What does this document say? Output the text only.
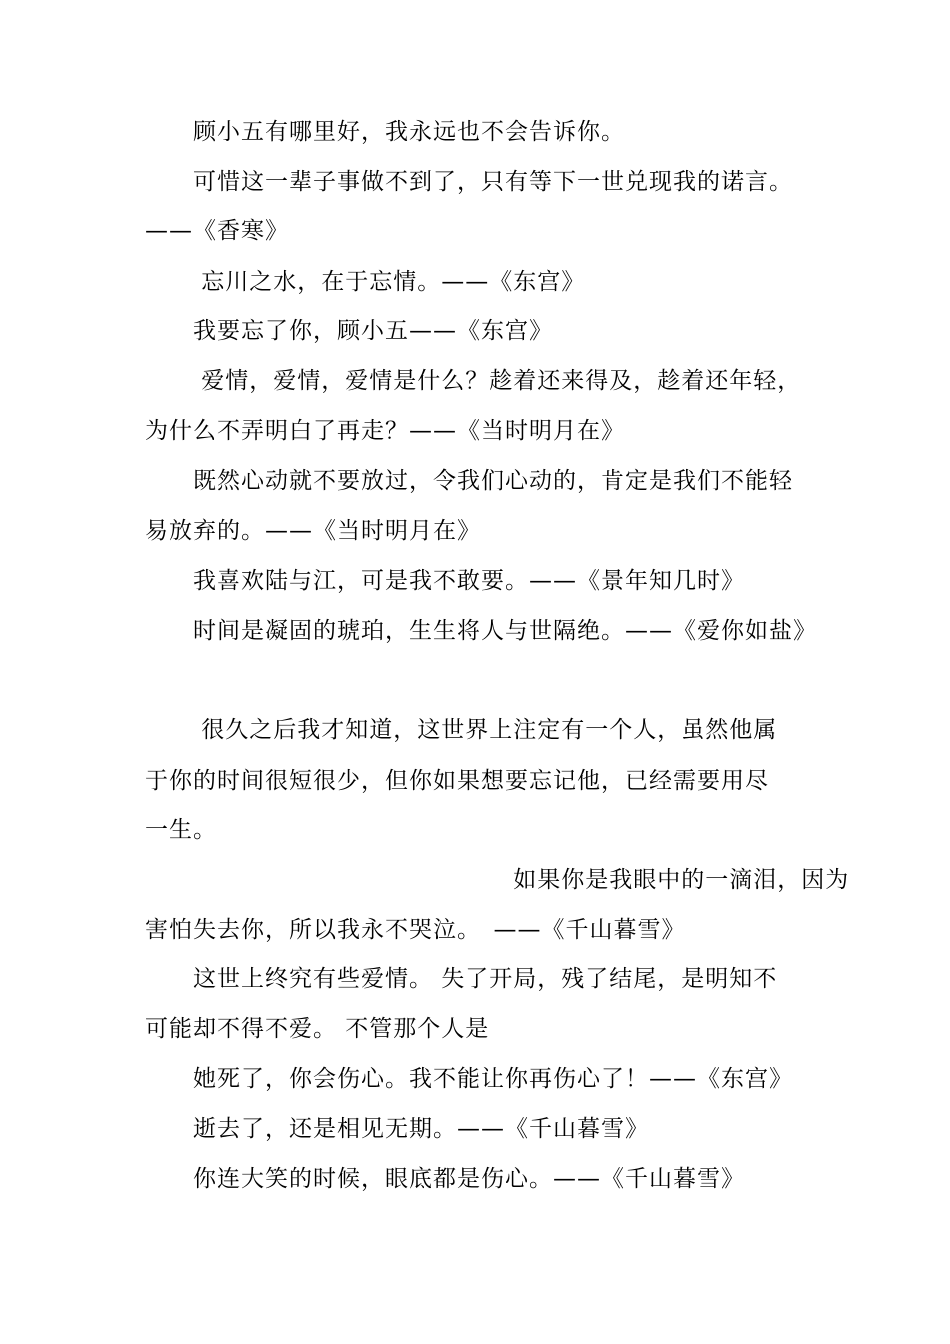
　　顾小五有哪里好，我永远也不会告诉你。
　　可惜这一辈子事做不到了，只有等下一世兑现我的诺言。
——《香寒》
　　 忘川之水，在于忘情。——《东宫》
　　我要忘了你，顾小五——《东宫》
　　 爱情，爱情，爱情是什么？趁着还来得及，趁着还年轻，
为什么不弄明白了再走？——《当时明月在》
　　既然心动就不要放过，令我们心动的，肯定是我们不能轻
易放弃的。——《当时明月在》
　　我喜欢陆与江，可是我不敢要。——《景年知几时》
　　时间是凝固的琥珀，生生将人与世隔绝。——《爱你如盐》
　　 很久之后我才知道，这世界上注定有一个人，虽然他属
于你的时间很短很少，但你如果想要忘记他，已经需要用尽
一生。
　　　　　　　　　　　　　　　 如果你是我眼中的一滴泪，因为
害怕失去你，所以我永不哭泣。　——《千山暮雪》
　　这世上终究有些爱情。 失了开局，残了结尾，是明知不
可能却不得不爱。 不管那个人是
　　她死了，你会伤心。我不能让你再伤心了！——《东宫》
　　逝去了，还是相见无期。——《千山暮雪》
　　你连大笑的时候，眼底都是伤心。——《千山暮雪》
